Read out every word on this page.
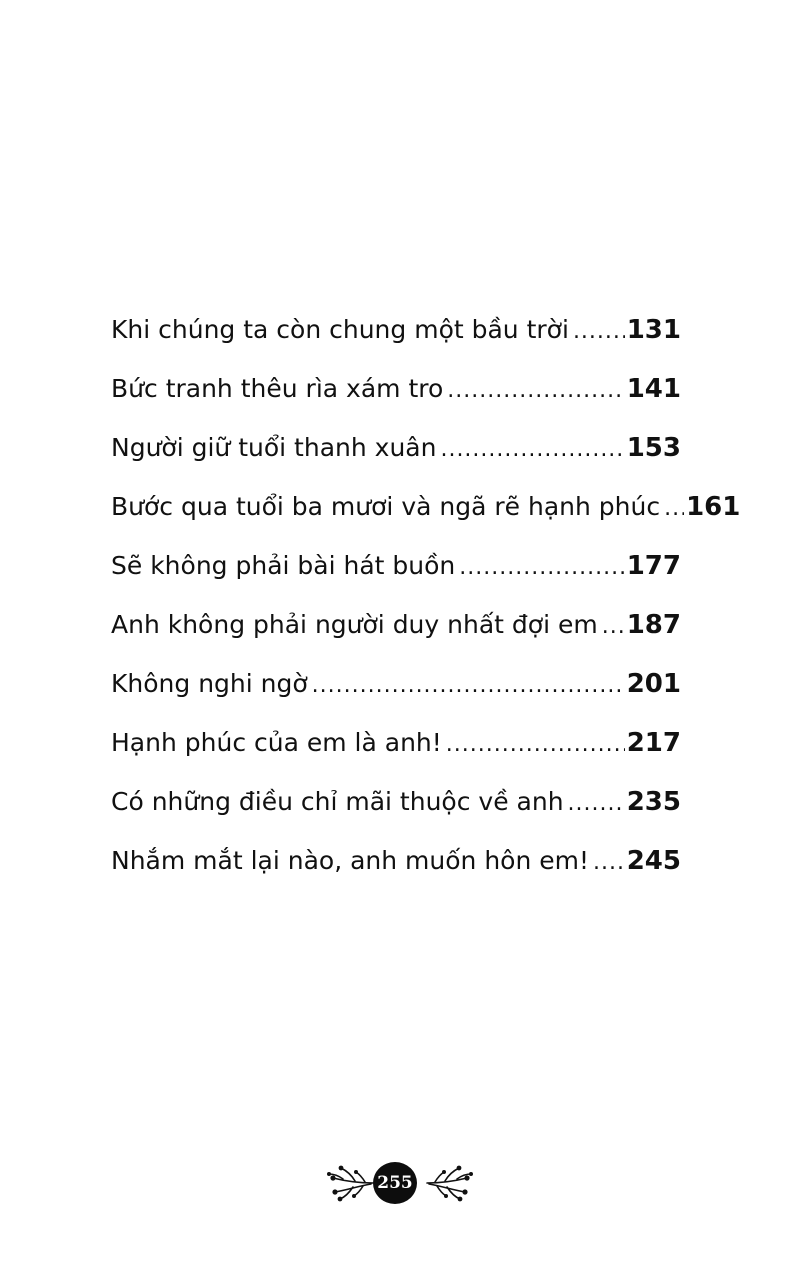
Khi chúng ta còn chung một bầu trời ..... 131
Bức tranh thêu rìa xám tro .....	141
Người giữ tuổi thanh xuân .....	153
Bước qua tuổi ba mươi và ngã rẽ hạnh phúc ..... 161
Sẽ không phải bài hát buồn .....	177
Anh không phải người duy nhất đợi em ..... 187
Không nghi ngờ .....	201
Hạnh phúc của em là anh! .....	217
Có những điều chỉ mãi thuộc về anh ..... 235
Nhắm mắt lại nào, anh muốn hôn em! ..... 245
255
